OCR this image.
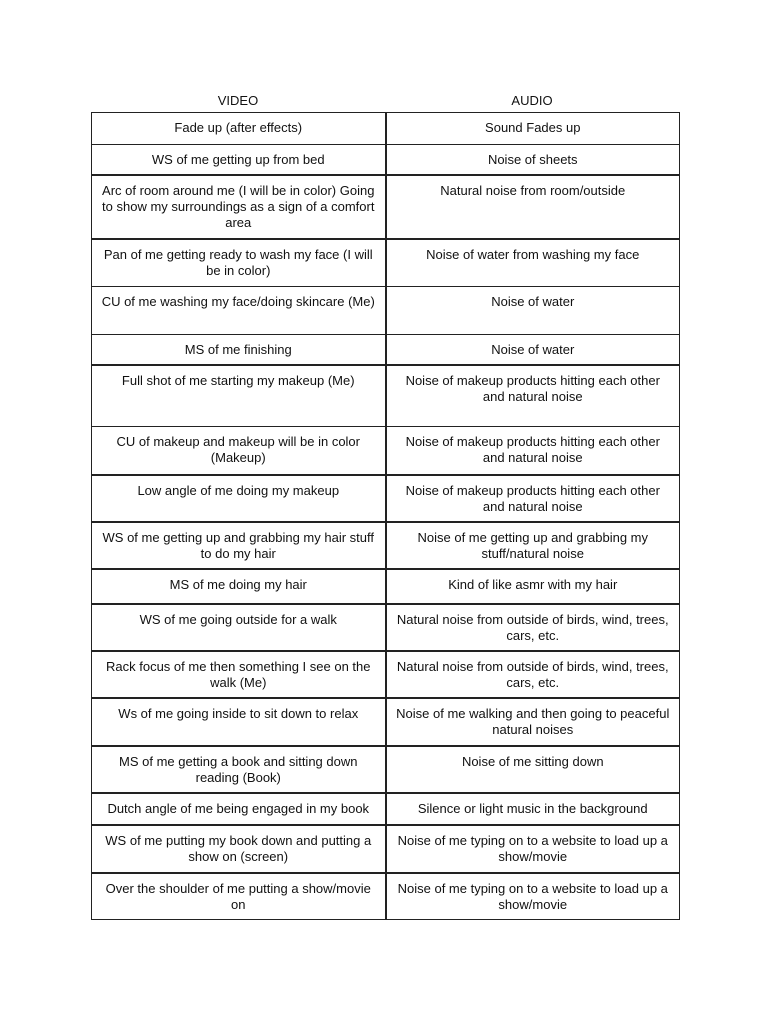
VIDEO	AUDIO
Fade up (after effects)	Sound Fades up
WS of me getting up from bed	Noise of sheets
Arc of room around me (I will be in color) Going to show my surroundings as a sign of a comfort area	Natural noise from room/outside
Pan of me getting ready to wash my face (I will be in color)	Noise of water from washing my face
CU of me washing my face/doing skincare (Me)	Noise of water
MS of me finishing	Noise of water
Full shot of me starting my makeup (Me)	Noise of makeup products hitting each other and natural noise
CU of makeup and makeup will be in color (Makeup)	Noise of makeup products hitting each other and natural noise
Low angle of me doing my makeup	Noise of makeup products hitting each other and natural noise
WS of me getting up and grabbing my hair stuff to do my hair	Noise of me getting up and grabbing my stuff/natural noise
MS of me doing my hair	Kind of like asmr with my hair
WS of me going outside for a walk	Natural noise from outside of birds, wind, trees, cars, etc.
Rack focus of me then something I see on the walk (Me)	Natural noise from outside of birds, wind, trees, cars, etc.
Ws of me going inside to sit down to relax	Noise of me walking and then going to peaceful natural noises
MS of me getting a book and sitting down reading (Book)	Noise of me sitting down
Dutch angle of me being engaged in my book	Silence or light music in the background
WS of me putting my book down and putting a show on (screen)	Noise of me typing on to a website to load up a show/movie
Over the shoulder of me putting a show/movie on	Noise of me typing on to a website to load up a show/movie
